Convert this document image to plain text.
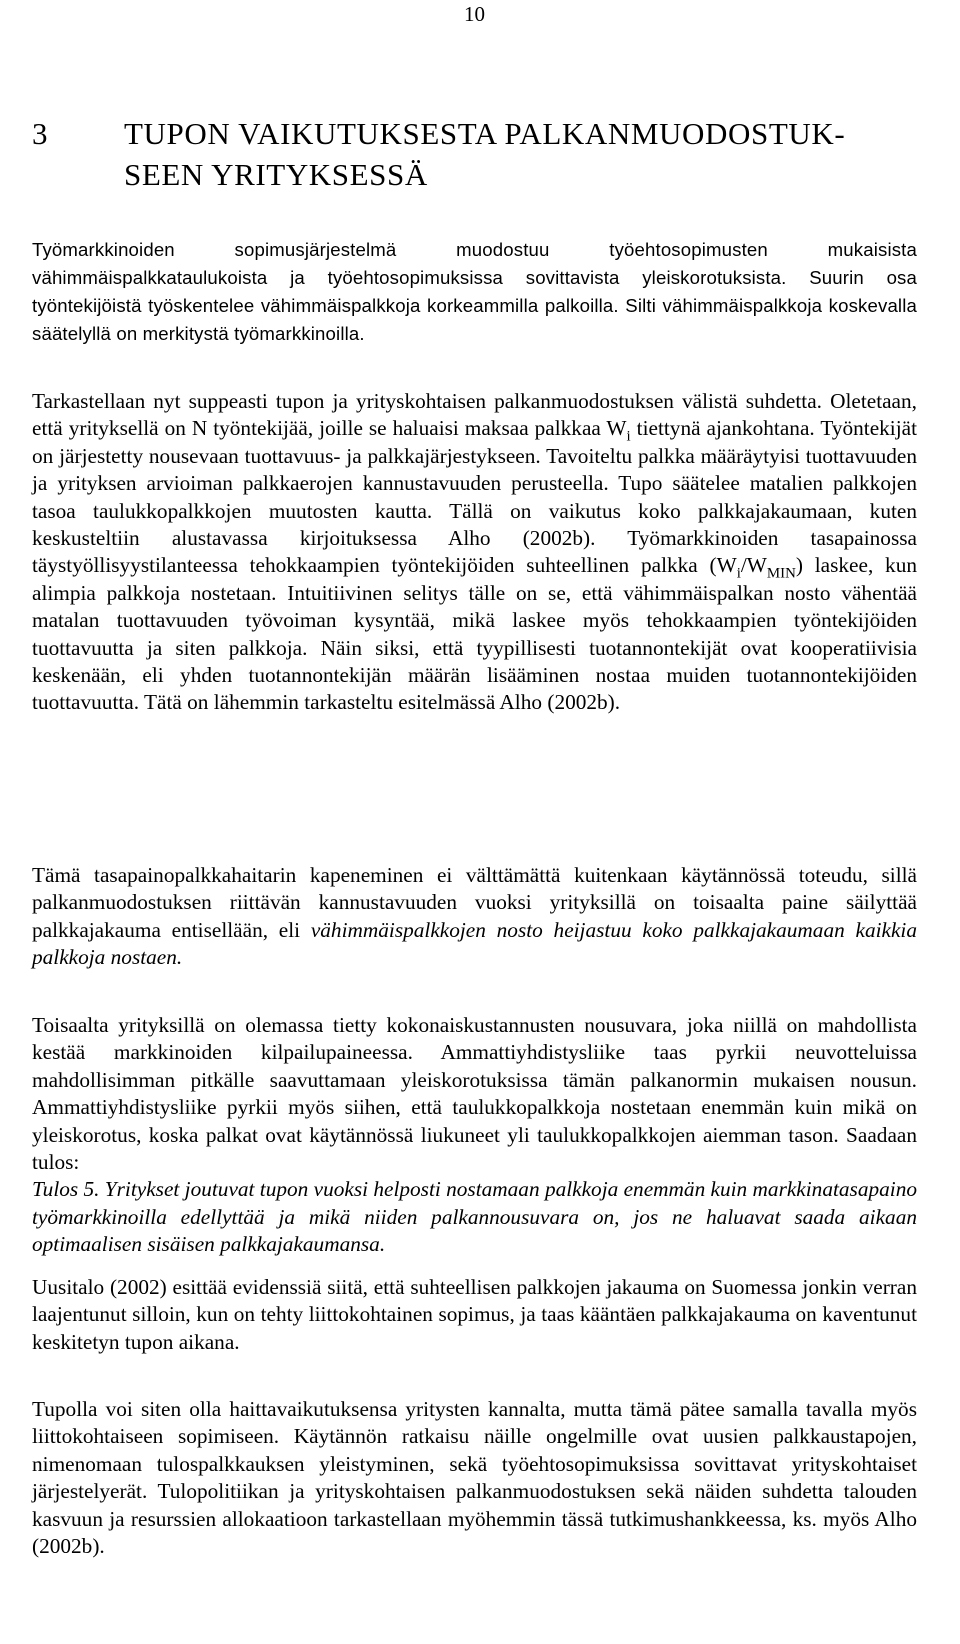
10
3 TUPON VAIKUTUKSESTA PALKANMUODOSTUK-SEEN YRITYKSESSÄ

Työmarkkinoiden sopimusjärjestelmä muodostuu työehtosopimusten mukaisista vähimmäispalkkataulukoista ja työehtosopimuksissa sovittavista yleiskorotuksista. Suurin osa työntekijöistä työskentelee vähimmäispalkkoja korkeammilla palkoilla. Silti vähimmäispalkkoja koskevalla säätelyllä on merkitystä työmarkkinoilla.

Tarkastellaan nyt suppeasti tupon ja yrityskohtaisen palkanmuodostuksen välistä suhdetta. Oletetaan, että yrityksellä on N työntekijää, joille se haluaisi maksaa palkkaa $W_i$ tiettynä ajankohtana. Työntekijät on järjestetty nousevaan tuottavuus- ja palkkajärjestykseen. Tavoiteltu palkka määräytyisi tuottavuuden ja yrityksen arvioiman palkkaerojen kannustavuuden perusteella. Tupo säätelee matalien palkkojen tasoa taulukkopalkkojen muutosten kautta. Tällä on vaikutus koko palkkajakaumaan, kuten keskusteltiin alustavassa kirjoituksessa Alho (2002b). Työmarkkinoiden tasapainossa täystyöllisyystilanteessa tehokkaampien työntekijöiden suhteellinen palkka $(W_i/W_{MIN})$ laskee, kun alimpia palkkoja nostetaan. Intuitiivinen selitys tälle on se, että vähimmäispalkan nosto vähentää matalan tuottavuuden työvoiman kysyntää, mikä laskee myös tehokkaampien työntekijöiden tuottavuutta ja siten palkkoja. Näin siksi, että tyypillisesti tuotannontekijät ovat kooperatiivisia keskenään, eli yhden tuotannontekijän määrän lisääminen nostaa muiden tuotannontekijöiden tuottavuutta. Tätä on lähemmin tarkasteltu esitelmässä Alho (2002b).

Tämä tasapainopalkkahaitarin kapeneminen ei välttämättä kuitenkaan käytännössä toteudu, sillä palkanmuodostuksen riittävän kannustavuuden vuoksi yrityksillä on toisaalta paine säilyttää palkkajakauma entisellään, eli vähimmäispalkkojen nosto heijastuu koko palkkajakaumaan kaikkia palkkoja nostaen.

Toisaalta yrityksillä on olemassa tietty kokonaiskustannusten nousuvara, joka niillä on mahdollista kestää markkinoiden kilpailupaineessa. Ammattiyhdistysliike taas pyrkii neuvotteluissa mahdollisimman pitkälle saavuttamaan yleiskorotuksissa tämän palkanormin mukaisen nousun. Ammattiyhdistysliike pyrkii myös siihen, että taulukkopalkkoja nostetaan enemmän kuin mikä on yleiskorotus, koska palkat ovat käytännössä liukuneet yli taulukkopalkkojen aiemman tason. Saadaan tulos:
Tulos 5. Yritykset joutuvat tupon vuoksi helposti nostamaan palkkoja enemmän kuin markkinatasapaino työmarkkinoilla edellyttää ja mikä niiden palkannousuvara on, jos ne haluavat saada aikaan optimaalisen sisäisen palkkajakaumansa.

Uusitalo (2002) esittää evidenssiä siitä, että suhteellisen palkkojen jakauma on Suomessa jonkin verran laajentunut silloin, kun on tehty liittokohtainen sopimus, ja taas kääntäen palkkajakauma on kaventunut keskitetyn tupon aikana.

Tupolla voi siten olla haittavaikutuksensa yritysten kannalta, mutta tämä pätee samalla tavalla myös liittokohtaiseen sopimiseen. Käytännön ratkaisu näille ongelmille ovat uusien palkkaustapojen, nimenomaan tulospalkkauksen yleistyminen, sekä työehtosopimuksissa sovittavat yrityskohtaiset järjestelyerät. Tulopolitiikan ja yrityskohtaisen palkanmuodostuksen sekä näiden suhdetta talouden kasvuun ja resurssien allokaatioon tarkastellaan myöhemmin tässä tutkimushankkeessa, ks. myös Alho (2002b).
